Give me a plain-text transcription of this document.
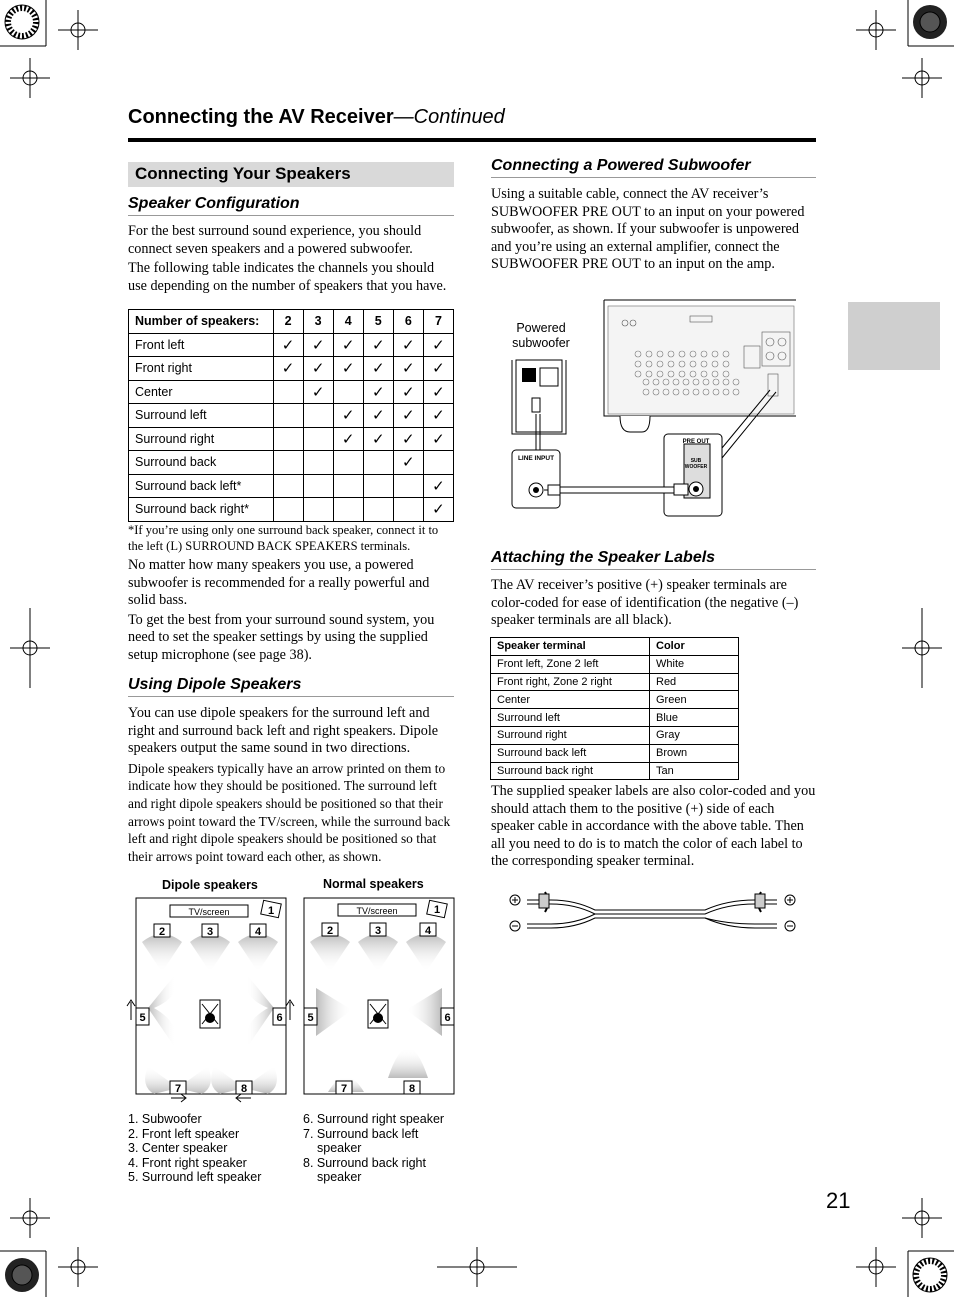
Connecting the AV Receiver—Continued
Connecting Your Speakers
Speaker Configuration

For the best surround sound experience, you should connect seven speakers and a powered subwoofer.

The following table indicates the channels you should use depending on the number of speakers that you have.

Number of speakers:	2	3	4	5	6	7
Front left	✓	✓	✓	✓	✓	✓
Front right	✓	✓	✓	✓	✓	✓
Center		✓		✓	✓	✓
Surround left			✓	✓	✓	✓
Surround right			✓	✓	✓	✓
Surround back					✓	
Surround back left*						✓
Surround back right*						✓
*If you’re using only one surround back speaker, connect it to the left (L) SURROUND BACK SPEAKERS terminals.

No matter how many speakers you use, a powered subwoofer is recommended for a really powerful and solid bass.

To get the best from your surround sound system, you need to set the speaker settings by using the supplied setup microphone (see page 38).

Using Dipole Speakers

You can use dipole speakers for the surround left and right and surround back left and right speakers. Dipole speakers output the same sound in two directions.

Dipole speakers typically have an arrow printed on them to indicate how they should be positioned. The surround left and right dipole speakers should be positioned so that their arrows point toward the TV/screen, while the surround back left and right dipole speakers should be positioned so that their arrows point toward each other, as shown.

Dipole speakers	Normal speakers
TV/screen	1
2	3	4
5	6
7	8
TV/screen	1
2	3	4
5	6
7	8
1. Subwoofer
2. Front left speaker
3. Center speaker
4. Front right speaker
5. Surround left speaker
6. Surround right speaker
7. Surround back left
speaker
8. Surround back right
speaker
Connecting a Powered Subwoofer

Using a suitable cable, connect the AV receiver’s SUBWOOFER PRE OUT to an input on your powered subwoofer, as shown. If your subwoofer is unpowered and you’re using an external amplifier, connect the SUBWOOFER PRE OUT to an input on the amp.

Powered
subwoofer
LINE INPUT
PRE OUT
SUB
WOOFER
Attaching the Speaker Labels

The AV receiver’s positive (+) speaker terminals are color-coded for ease of identification (the negative (–) speaker terminals are all black).

Speaker terminal	Color
Front left, Zone 2 left	White
Front right, Zone 2 right	Red
Center	Green
Surround left	Blue
Surround right	Gray
Surround back left	Brown
Surround back right	Tan

The supplied speaker labels are also color-coded and you should attach them to the positive (+) side of each speaker cable in accordance with the above table. Then all you need to do is to match the color of each label to the corresponding speaker terminal.

21
